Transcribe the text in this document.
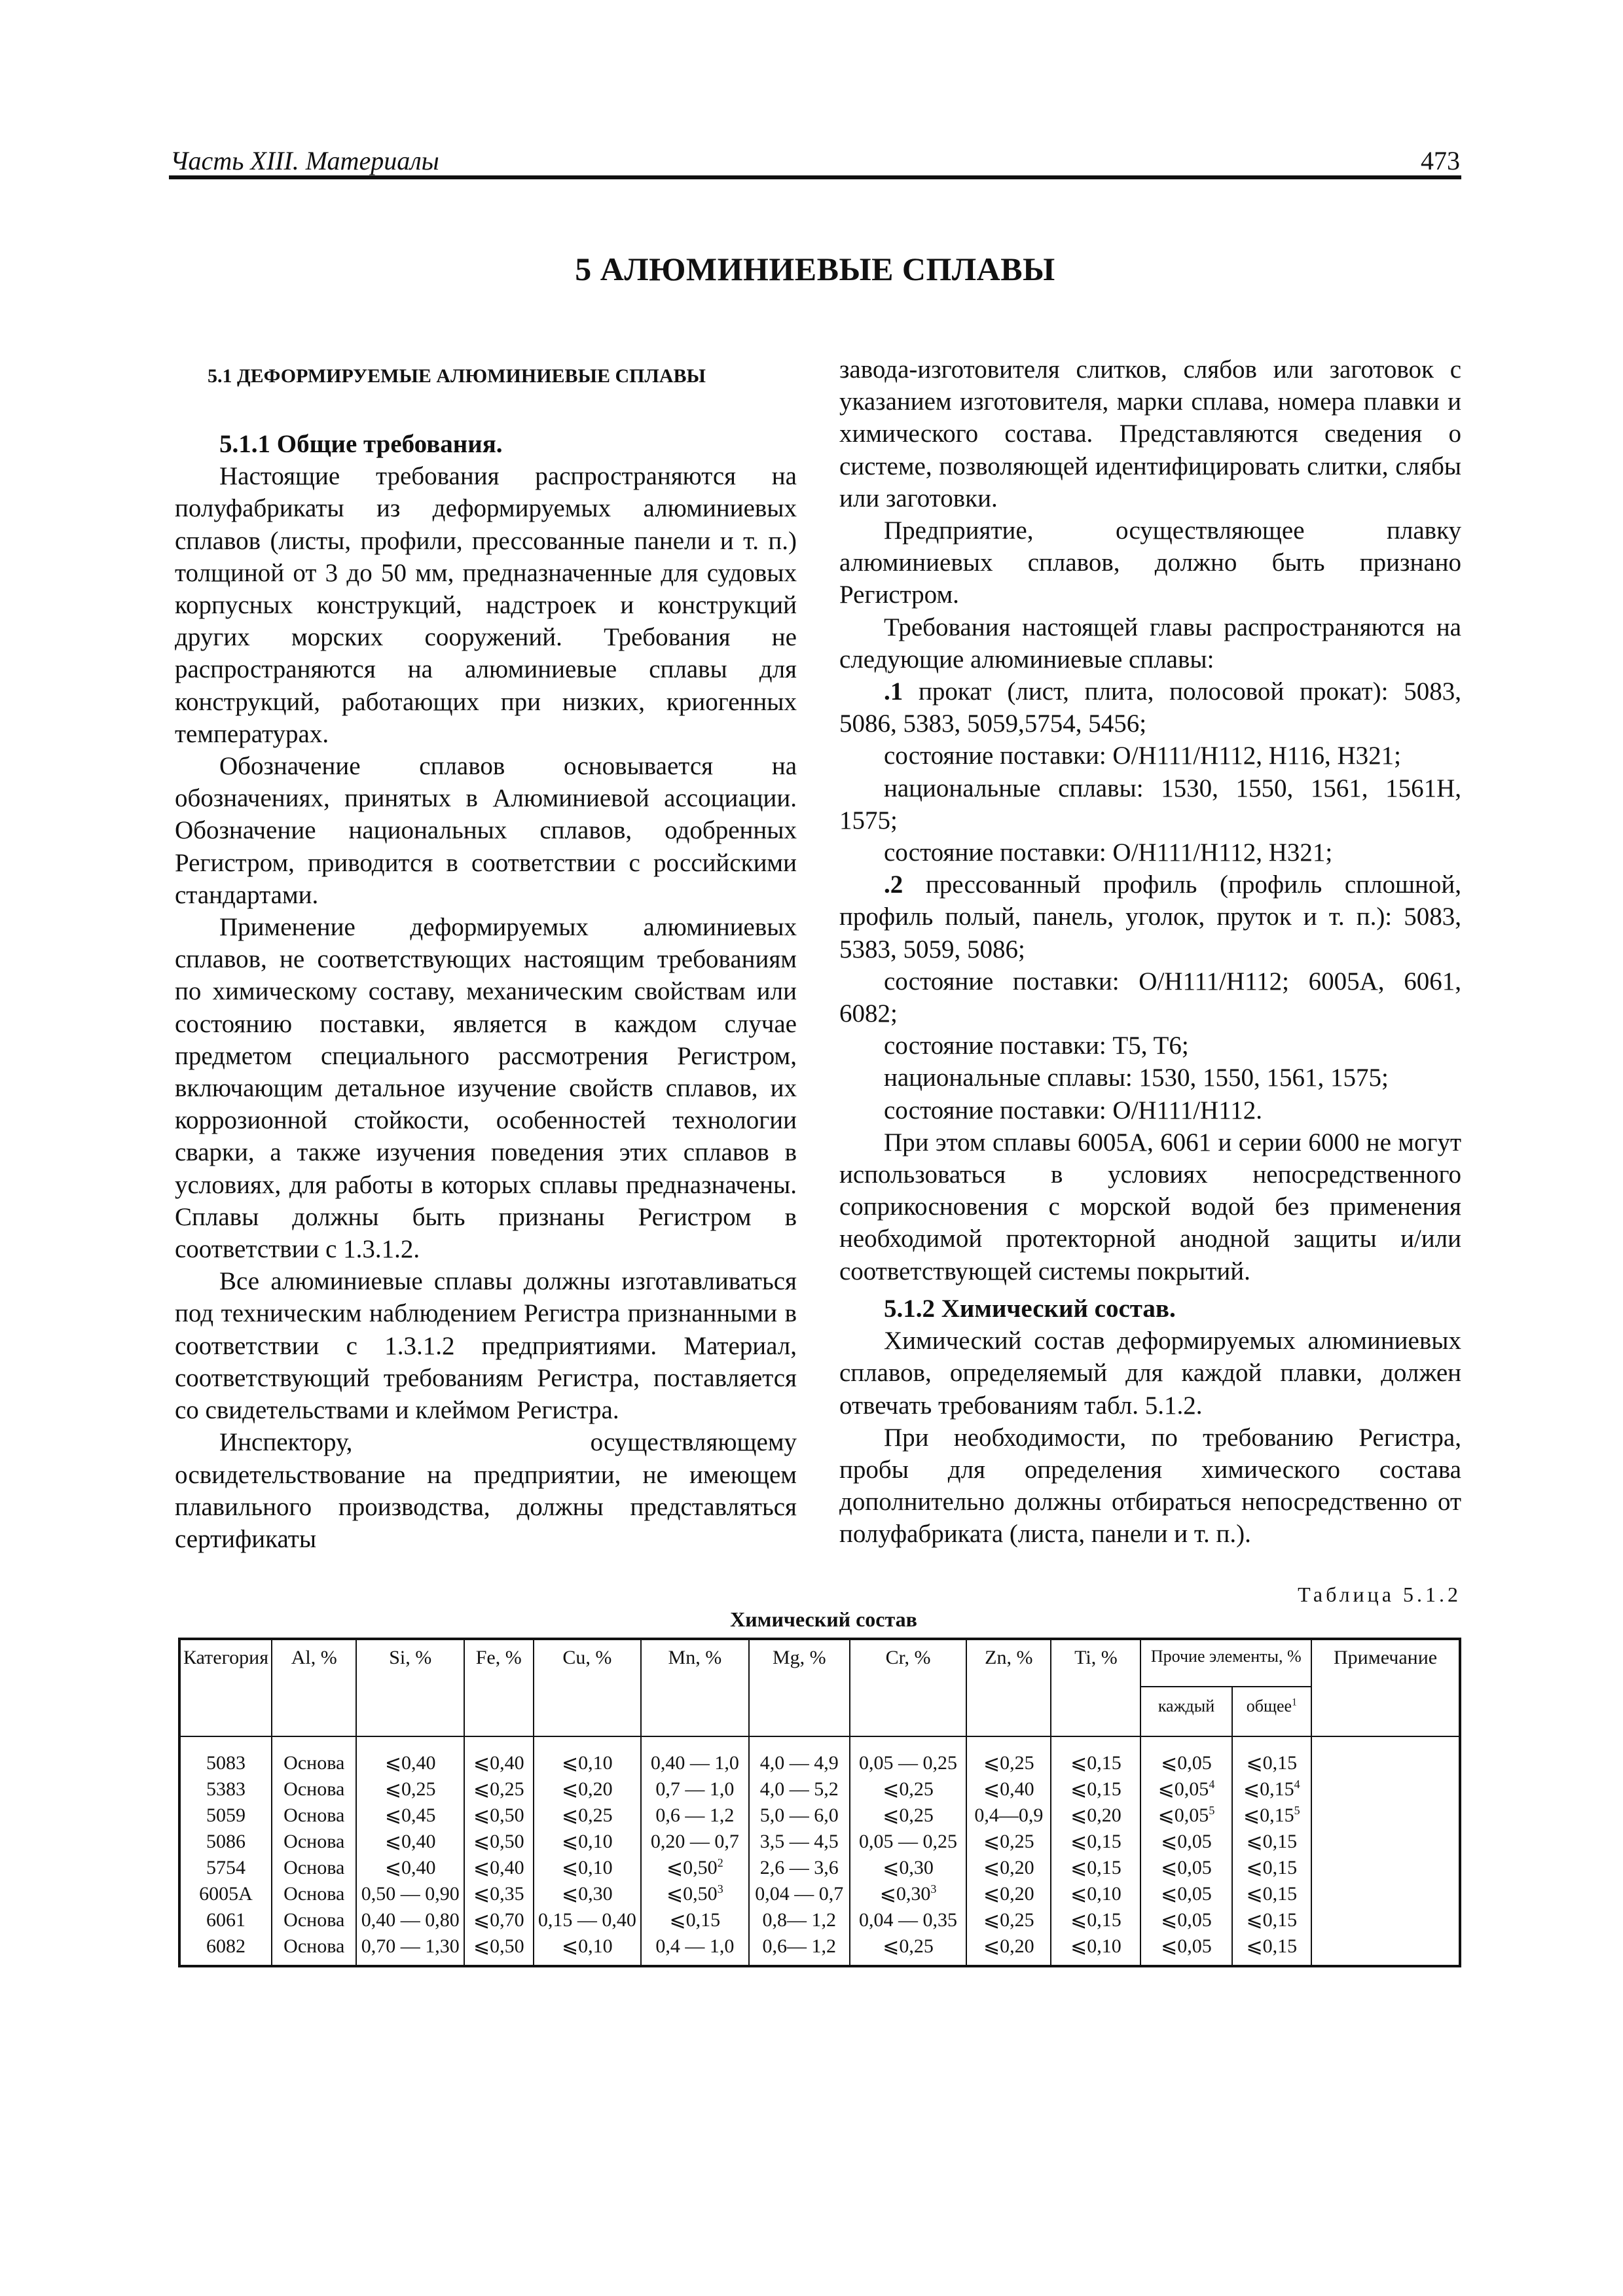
Часть XIII. Материалы	473
5 АЛЮМИНИЕВЫЕ СПЛАВЫ

5.1 ДЕФОРМИРУЕМЫЕ АЛЮМИНИЕВЫЕ СПЛАВЫ

5.1.1 Общие требования.

Настоящие требования распространяются на полуфабрикаты из деформируемых алюминиевых сплавов (листы, профили, прессованные панели и т. п.) толщиной от 3 до 50 мм, предназначенные для судовых корпусных конструкций, надстроек и конструкций других морских сооружений. Требования не распространяются на алюминиевые сплавы для конструкций, работающих при низких, криогенных температурах.

Обозначение сплавов основывается на обозначениях, принятых в Алюминиевой ассоциации. Обозначение национальных сплавов, одобренных Регистром, приводится в соответствии с российскими стандартами.

Применение деформируемых алюминиевых сплавов, не соответствующих настоящим требованиям по химическому составу, механическим свойствам или состоянию поставки, является в каждом случае предметом специального рассмотрения Регистром, включающим детальное изучение свойств сплавов, их коррозионной стойкости, особенностей технологии сварки, а также изучения поведения этих сплавов в условиях, для работы в которых сплавы предназначены. Сплавы должны быть признаны Регистром в соответствии с 1.3.1.2.

Все алюминиевые сплавы должны изготавливаться под техническим наблюдением Регистра признанными в соответствии с 1.3.1.2 предприятиями. Материал, соответствующий требованиям Регистра, поставляется со свидетельствами и клеймом Регистра.

Инспектору, осуществляющему освидетельствование на предприятии, не имеющем плавильного производства, должны представляться сертификаты

завода-изготовителя слитков, слябов или заготовок с указанием изготовителя, марки сплава, номера плавки и химического состава. Представляются сведения о системе, позволяющей идентифицировать слитки, слябы или заготовки.

Предприятие, осуществляющее плавку алюминиевых сплавов, должно быть признано Регистром.

Требования настоящей главы распространяются на следующие алюминиевые сплавы:

.1 прокат (лист, плита, полосовой прокат): 5083, 5086, 5383, 5059,5754, 5456;

состояние поставки: O/H111/H112, H116, H321;

национальные сплавы: 1530, 1550, 1561, 1561Н, 1575;

состояние поставки: O/H111/H112, H321;

.2 прессованный профиль (профиль сплошной, профиль полый, панель, уголок, пруток и т. п.): 5083, 5383, 5059, 5086;

состояние поставки: O/H111/H112; 6005A, 6061, 6082;

состояние поставки: T5, T6;

национальные сплавы: 1530, 1550, 1561, 1575;

состояние поставки: O/H111/H112.

При этом сплавы 6005A, 6061 и серии 6000 не могут использоваться в условиях непосредственного соприкосновения с морской водой без применения необходимой протекторной анодной защиты и/или соответствующей системы покрытий.

5.1.2 Химический состав.

Химический состав деформируемых алюминиевых сплавов, определяемый для каждой плавки, должен отвечать требованиям табл. 5.1.2.

При необходимости, по требованию Регистра, пробы для определения химического состава дополнительно должны отбираться непосредственно от полуфабриката (листа, панели и т. п.).

Таблица 5.1.2
Химический состав
Категория	Al, %	Si, %	Fe, %	Cu, %	Mn, %	Mg, %	Cr, %	Zn, %	Ti, %	Прочие элементы, %		Примечание
										каждый	общее$^1$
5083	Основа	⩽0,40	⩽0,40	⩽0,10	0,40 — 1,0	4,0 — 4,9	0,05 — 0,25	⩽0,25	⩽0,15	⩽0,05	⩽0,15	
5383	Основа	⩽0,25	⩽0,25	⩽0,20	0,7 — 1,0	4,0 — 5,2	⩽0,25	⩽0,40	⩽0,15	⩽0,05$^4$	⩽0,15$^4$	
5059	Основа	⩽0,45	⩽0,50	⩽0,25	0,6 — 1,2	5,0 — 6,0	⩽0,25	0,4—0,9	⩽0,20	⩽0,05$^5$	⩽0,15$^5$	
5086	Основа	⩽0,40	⩽0,50	⩽0,10	0,20 — 0,7	3,5 — 4,5	0,05 — 0,25	⩽0,25	⩽0,15	⩽0,05	⩽0,15	
5754	Основа	⩽0,40	⩽0,40	⩽0,10	⩽0,50$^2$	2,6 — 3,6	⩽0,30	⩽0,20	⩽0,15	⩽0,05	⩽0,15	
6005A	Основа	0,50 — 0,90	⩽0,35	⩽0,30	⩽0,50$^3$	0,04 — 0,7	⩽0,30$^3$	⩽0,20	⩽0,10	⩽0,05	⩽0,15	
6061	Основа	0,40 — 0,80	⩽0,70	0,15 — 0,40	⩽0,15	0,8— 1,2	0,04 — 0,35	⩽0,25	⩽0,15	⩽0,05	⩽0,15	
6082	Основа	0,70 — 1,30	⩽0,50	⩽0,10	0,4 — 1,0	0,6— 1,2	⩽0,25	⩽0,20	⩽0,10	⩽0,05	⩽0,15	
